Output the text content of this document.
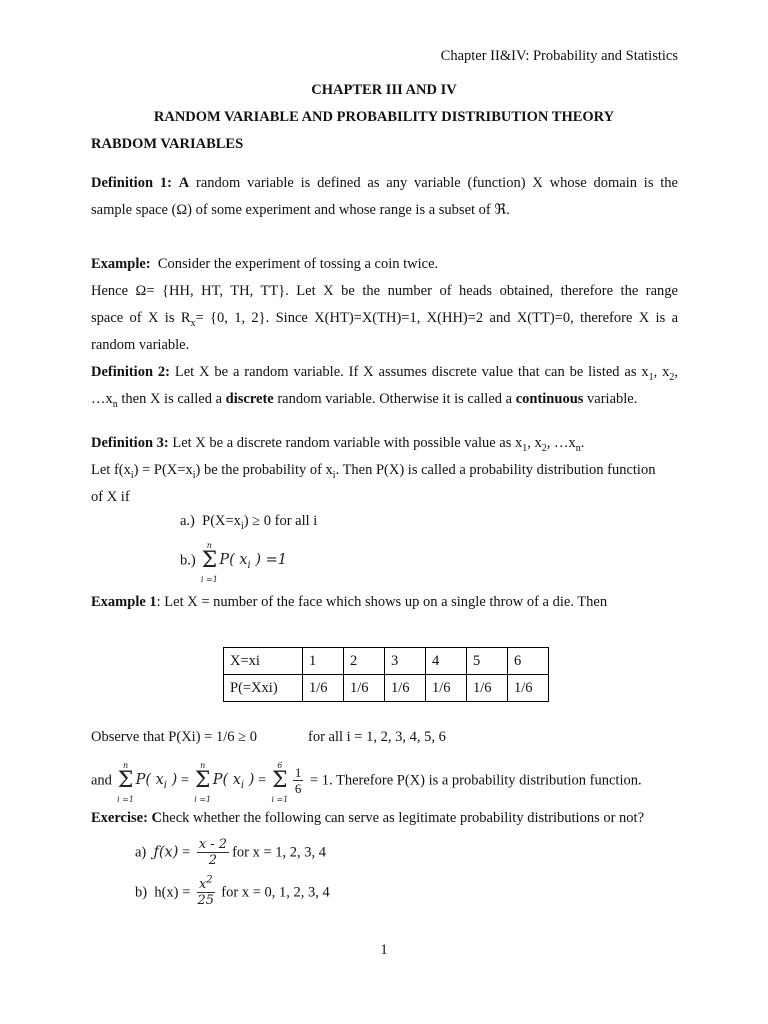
Chapter II&IV: Probability and Statistics
CHAPTER III AND IV
RANDOM VARIABLE AND PROBABILITY DISTRIBUTION THEORY
RABDOM VARIABLES
Definition 1: A random variable is defined as any variable (function) X whose domain is the
sample space (Ω) of some experiment and whose range is a subset of ℜ.
Example: Consider the experiment of tossing a coin twice.
Hence Ω= {HH, HT, TH, TT}. Let X be the number of heads obtained, therefore the range
space of X is $R_x= \{0$, 1, 2}. Since X(HT)=X(TH)=1, X(HH)=2 and X(TT)=0, therefore X is a
random variable.
Definition 2: Let X be a random variable. If X assumes discrete value that can be listed as $x_1$, $x_2$,
$\dots x_n$ then X is called a discrete random variable. Otherwise it is called a continuous variable.
Definition 3: Let X be a discrete random variable with possible value as $x_1$, $x_2$, $\dots x_n$.
Let $f(x_i) = P(X=x_i)$ be the probability of $x_i$. Then P(X) is called a probability distribution function
of X if
a.) $P(X=x_i) \ge 0$ for all i
b.)
n
Σ
i =1
P( $x_i$ ) =1
Example 1: Let X = number of the face which shows up on a single throw of a die. Then
X=xi	1	2	3	4	5	6
P(=Xxi)	1/6	1/6	1/6	1/6	1/6	1/6
Observe that P(Xi) = 1/6 ≥ 0	for all i = 1, 2, 3, 4, 5, 6
and
n
Σ
i =1
P( $x_i$ ) =
n
Σ
i =1
P( $x_i$ ) =
6
Σ
i =1
$\frac{1}{6} = 1$. Therefore P(X) is a probability distribution function.
Exercise: Check whether the following can serve as legitimate probability distributions or not?
a) ƒ(x) = $\frac{x - 2}{2}$ for x = 1, 2, 3, 4
b) $h(x) = \frac{x^2}{25}$ for x = 0, 1, 2, 3, 4
1
